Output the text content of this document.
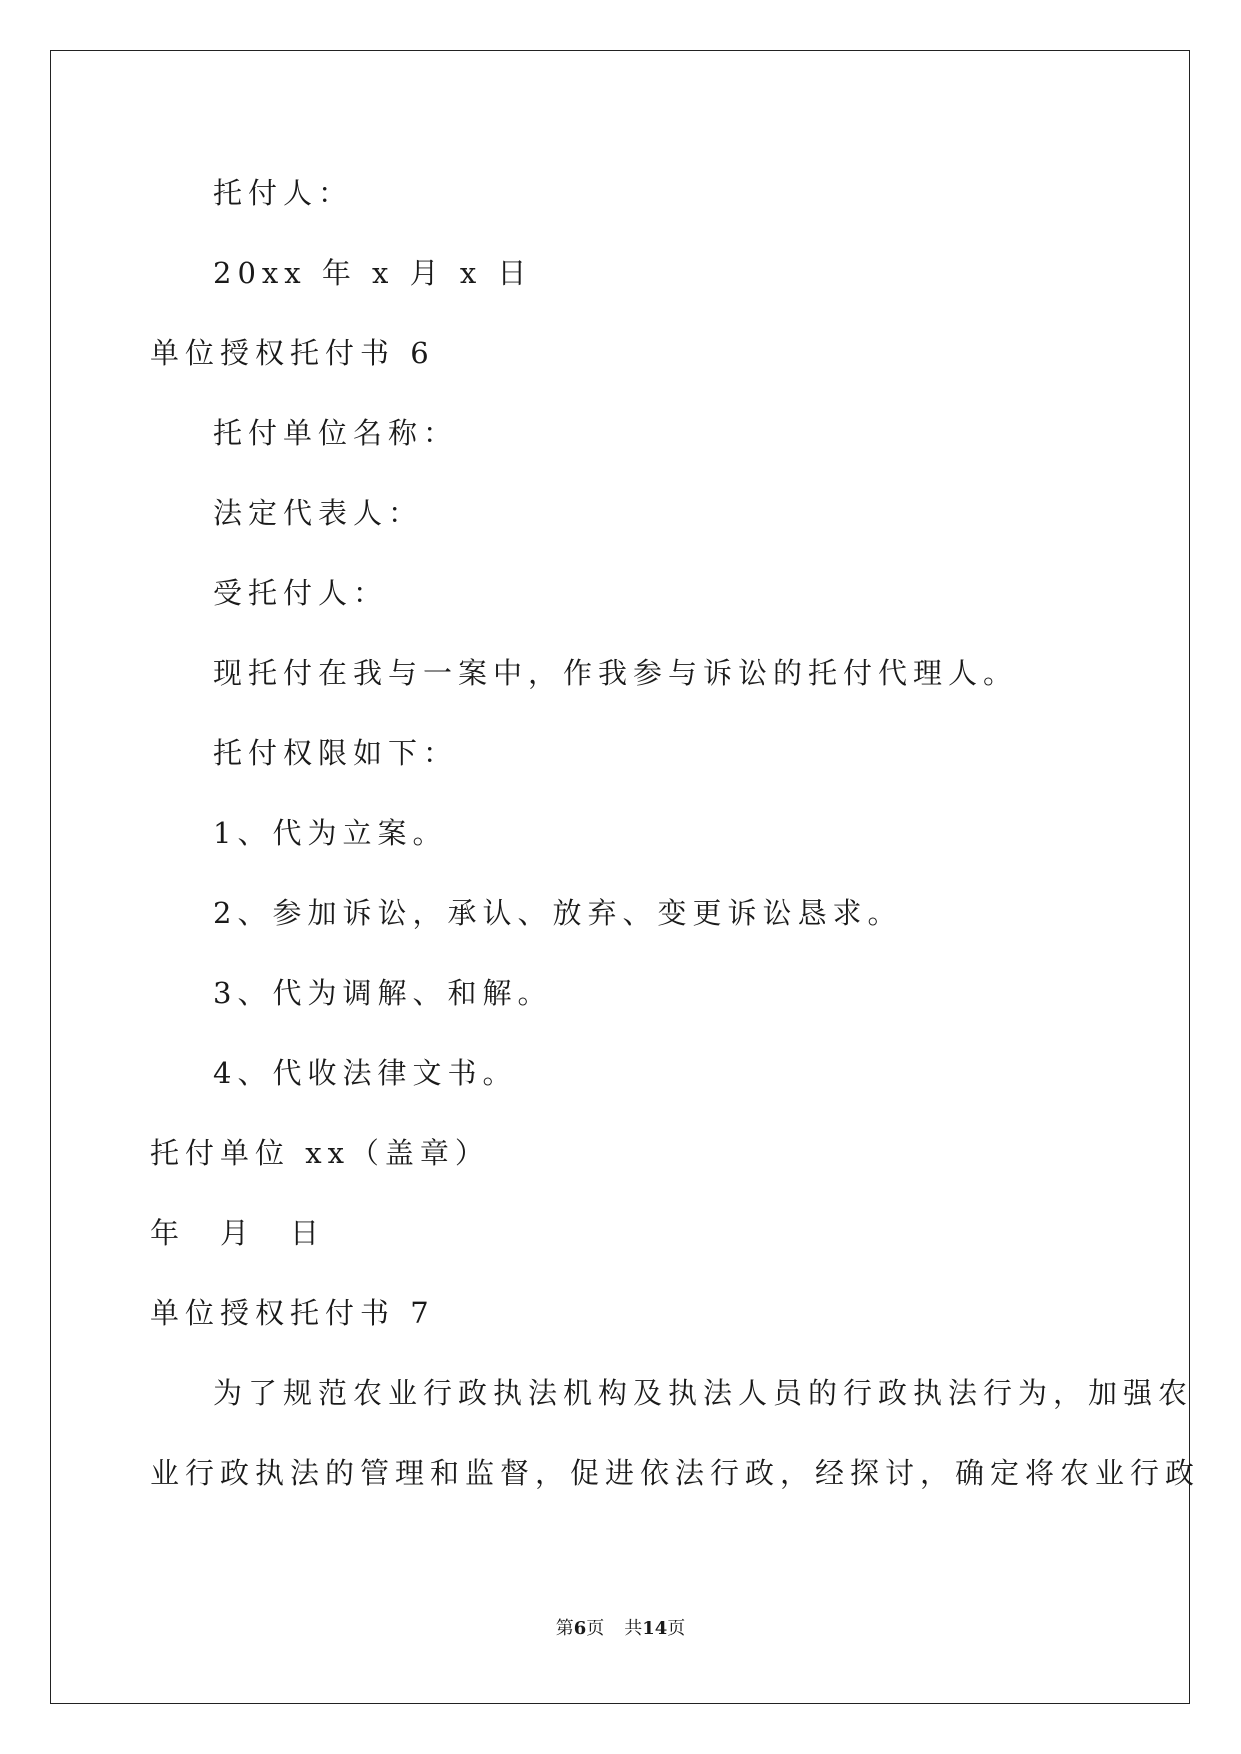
托付人：
20xx 年 x 月 x 日
单位授权托付书 6
托付单位名称：
法定代表人：
受托付人：
现托付在我与一案中，作我参与诉讼的托付代理人。
托付权限如下：
1、代为立案。
2、参加诉讼，承认、放弃、变更诉讼恳求。
3、代为调解、和解。
4、代收法律文书。
托付单位 xx（盖章）
年　月　日
单位授权托付书 7
为了规范农业行政执法机构及执法人员的行政执法行为，加强农
业行政执法的管理和监督，促进依法行政，经探讨，确定将农业行政
第6页 共14页
